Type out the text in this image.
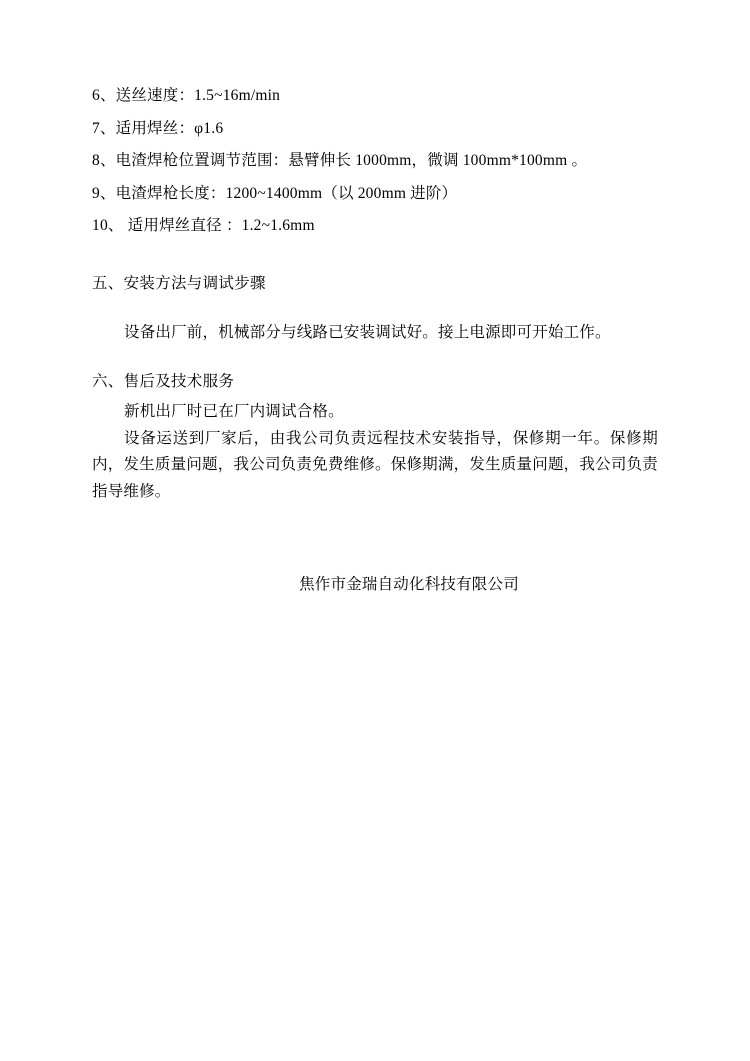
6、送丝速度：1.5~16m/min
7、适用焊丝：φ1.6
8、电渣焊枪位置调节范围：悬臂伸长 1000mm，微调 100mm*100mm 。
9、电渣焊枪长度：1200~1400mm（以 200mm 进阶）
10、 适用焊丝直径 ：1.2~1.6mm
五、安装方法与调试步骤

设备出厂前，机械部分与线路已安装调试好。接上电源即可开始工作。

六、售后及技术服务

新机出厂时已在厂内调试合格。

设备运送到厂家后，由我公司负责远程技术安装指导，保修期一年。保修期内，发生质量问题，我公司负责免费维修。保修期满，发生质量问题，我公司负责指导维修。

焦作市金瑞自动化科技有限公司
